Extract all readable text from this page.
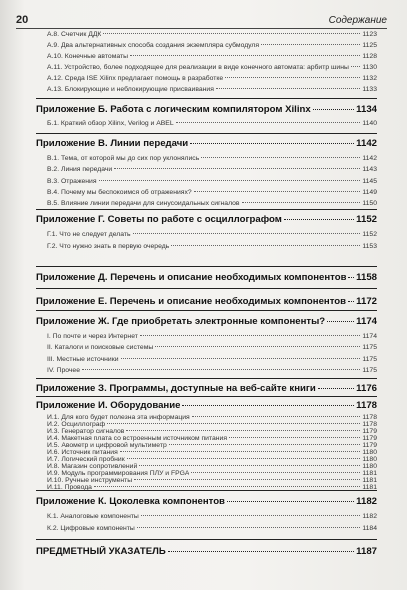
20	Содержание
А.8. Счетчик ДДК	1123
А.9. Два альтернативных способа создания экземпляра субмодуля	1125
А.10. Конечные автоматы	1128
А.11. Устройство, более подходящее для реализации в виде конечного автомата: арбитр шины 1130
А.12. Среда ISE Xilinx предлагает помощь в разработке	1132
А.13. Блокирующие и неблокирующие присваивания	1133
Приложение Б. Работа с логическим компилятором Xilinx	1134
Б.1. Краткий обзор Xilinx, Verilog и ABEL	1140
Приложение В. Линии передачи	1142
В.1. Тема, от которой мы до сих пор уклонялись	1142
В.2. Линия передачи	1143
В.3. Отражения	1145
В.4. Почему мы беспокоимся об отражениях?	1149
В.5. Влияние линии передачи для синусоидальных сигналов	1150
Приложение Г. Советы по работе с осциллографом	1152
Г.1. Что не следует делать	1152
Г.2. Что нужно знать в первую очередь	1153
Приложение Д. Перечень и описание необходимых компонентов 1158
Приложение Е. Перечень и описание необходимых компонентов 1172
Приложение Ж. Где приобретать электронные компоненты?	1174
I. По почте и через Интернет	1174
II. Каталоги и поисковые системы	1175
III. Местные источники	1175
IV. Прочее	1175
Приложение З. Программы, доступные на веб-сайте книги	1176
Приложение И. Оборудование	1178
И.1. Для кого будет полезна эта информация	1178
И.2. Осциллограф	1178
И.3. Генератор сигналов	1179
И.4. Макетная плата со встроенным источником питания	1179
И.5. Авометр и цифровой мультиметр	1179
И.6. Источник питания	1180
И.7. Логический пробник	1180
И.8. Магазин сопротивлений	1180
И.9. Модуль программирования ПЛУ и FPGA	1181
И.10. Ручные инструменты	1181
И.11. Провода	1181
Приложение К. Цоколевка компонентов	1182
К.1. Аналоговые компоненты	1182
К.2. Цифровые компоненты	1184
ПРЕДМЕТНЫЙ УКАЗАТЕЛЬ	1187
